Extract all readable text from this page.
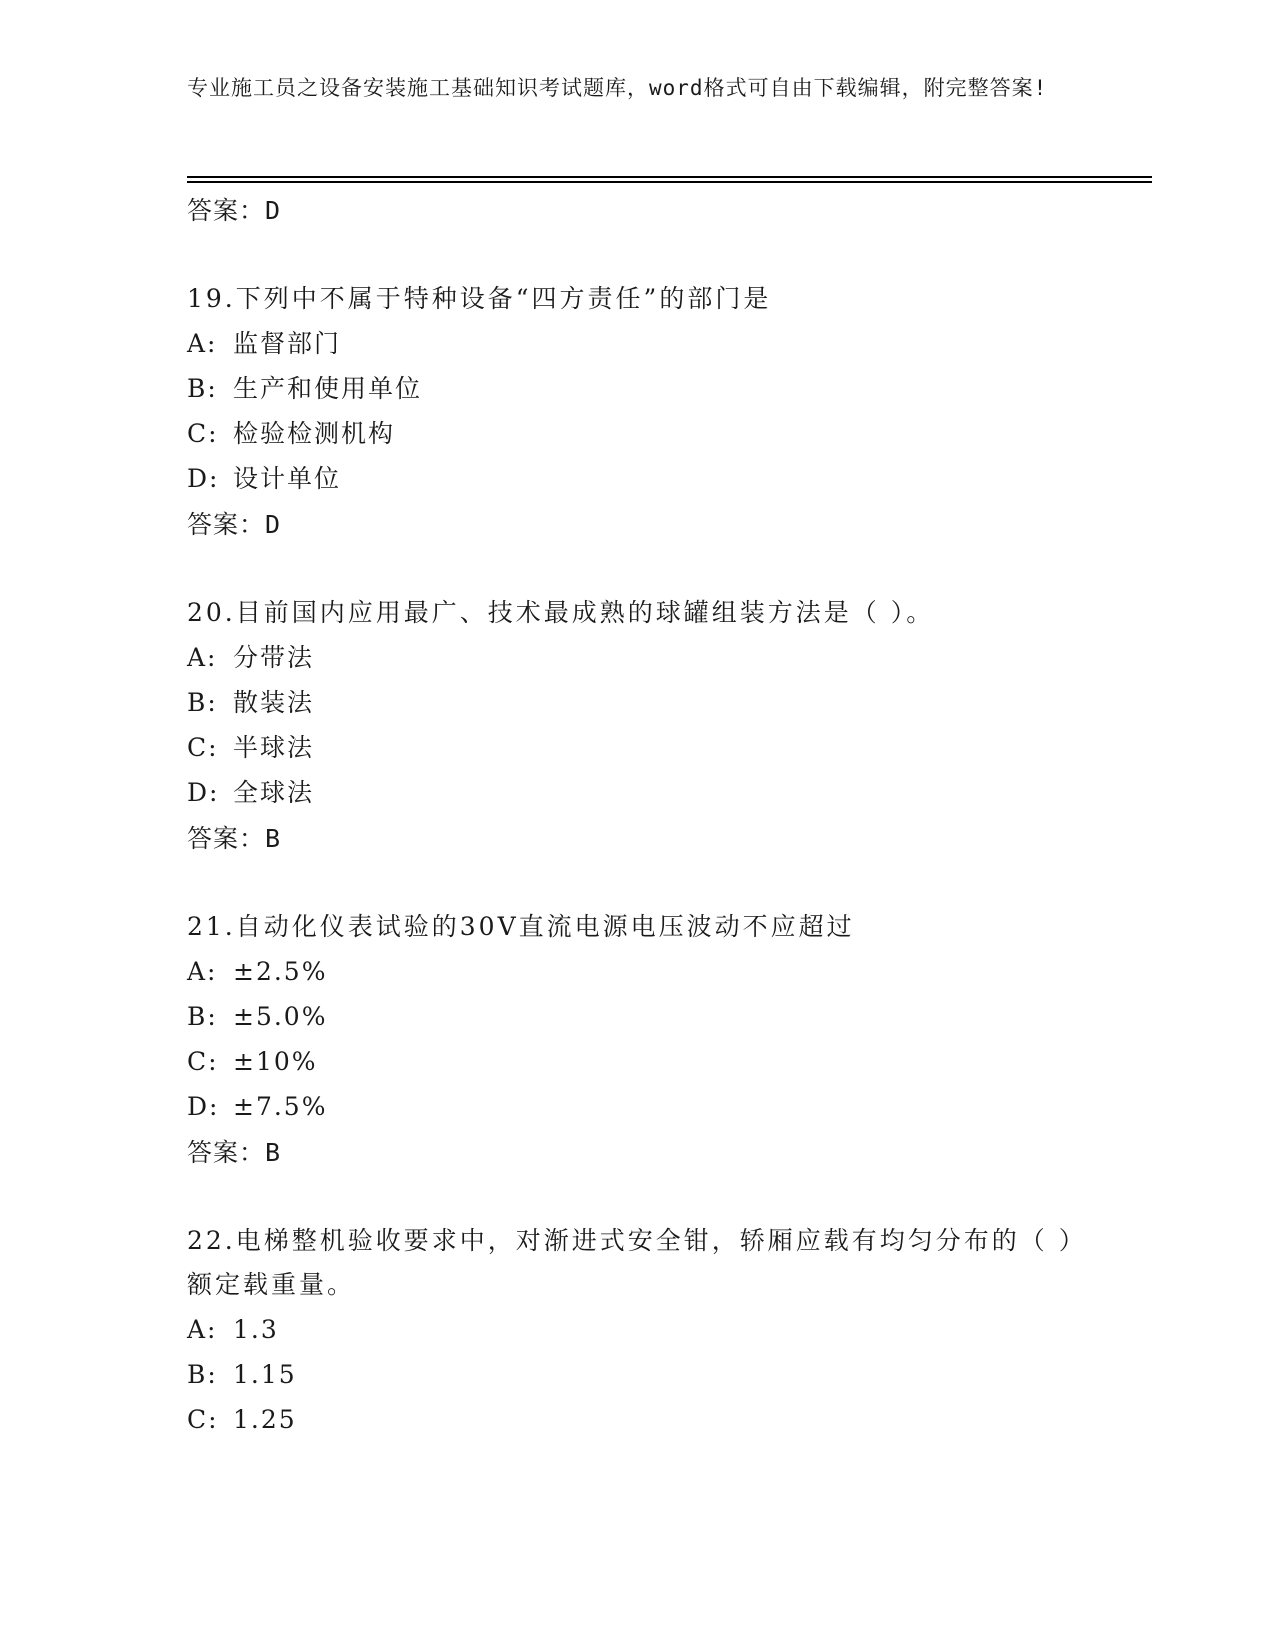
专业施工员之设备安装施工基础知识考试题库，word格式可自由下载编辑，附完整答案!
答案：D
19.下列中不属于特种设备“四方责任”的部门是
A: 监督部门
B: 生产和使用单位
C: 检验检测机构
D: 设计单位
答案：D
20.目前国内应用最广、技术最成熟的球罐组装方法是（ ）。
A: 分带法
B: 散装法
C: 半球法
D: 全球法
答案：B
21.自动化仪表试验的30V直流电源电压波动不应超过
A: ±2.5%
B: ±5.0%
C: ±10%
D: ±7.5%
答案：B
22.电梯整机验收要求中，对渐进式安全钳，轿厢应载有均匀分布的（ ）额定载重量。
A: 1.3
B: 1.15
C: 1.25
